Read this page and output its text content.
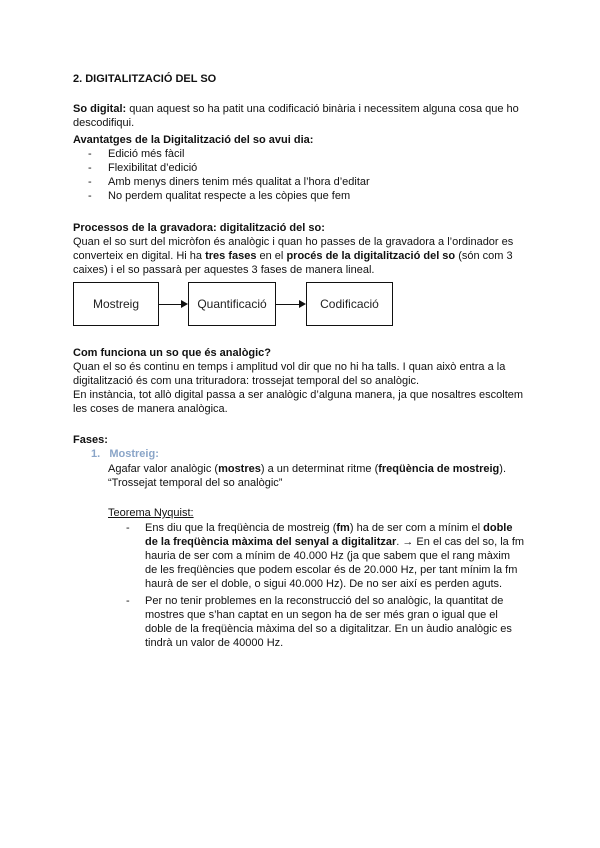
2. DIGITALITZACIÓ DEL SO
So digital: quan aquest so ha patit una codificació binària i necessitem alguna cosa que ho
descodifiqui.
Avantatges de la Digitalització del so avui dia:
- Edició més fàcil
- Flexibilitat d’edició
- Amb menys diners tenim més qualitat a l’hora d’editar
- No perdem qualitat respecte a les còpies que fem
Processos de la gravadora: digitalització del so:
Quan el so surt del micròfon és analògic i quan ho passes de la gravadora a l’ordinador es
converteix en digital. Hi ha tres fases en el procés de la digitalització del so (són com 3
caixes) i el so passarà per aquestes 3 fases de manera lineal.
Mostreig	Quantificació	Codificació
Com funciona un so que és analògic?
Quan el so és continu en temps i amplitud vol dir que no hi ha talls. I quan això entra a la
digitalització és com una trituradora: trossejat temporal del so analògic.
En instància, tot allò digital passa a ser analògic d’alguna manera, ja que nosaltres escoltem
les coses de manera analògica.
Fases:
1. Mostreig:
Agafar valor analògic (mostres) a un determinat ritme (freqüència de mostreig).
“Trossejat temporal del so analògic”
Teorema Nyquist:
- Ens diu que la freqüència de mostreig (fm) ha de ser com a mínim el doble
de la freqüència màxima del senyal a digitalitzar. → En el cas del so, la fm
hauria de ser com a mínim de 40.000 Hz (ja que sabem que el rang màxim
de les freqüències que podem escolar és de 20.000 Hz, per tant mínim la fm
haurà de ser el doble, o sigui 40.000 Hz). De no ser així es perden aguts.
- Per no tenir problemes en la reconstrucció del so analògic, la quantitat de
mostres que s’han captat en un segon ha de ser més gran o igual que el
doble de la freqüència màxima del so a digitalitzar. En un àudio analògic es
tindrà un valor de 40000 Hz.
